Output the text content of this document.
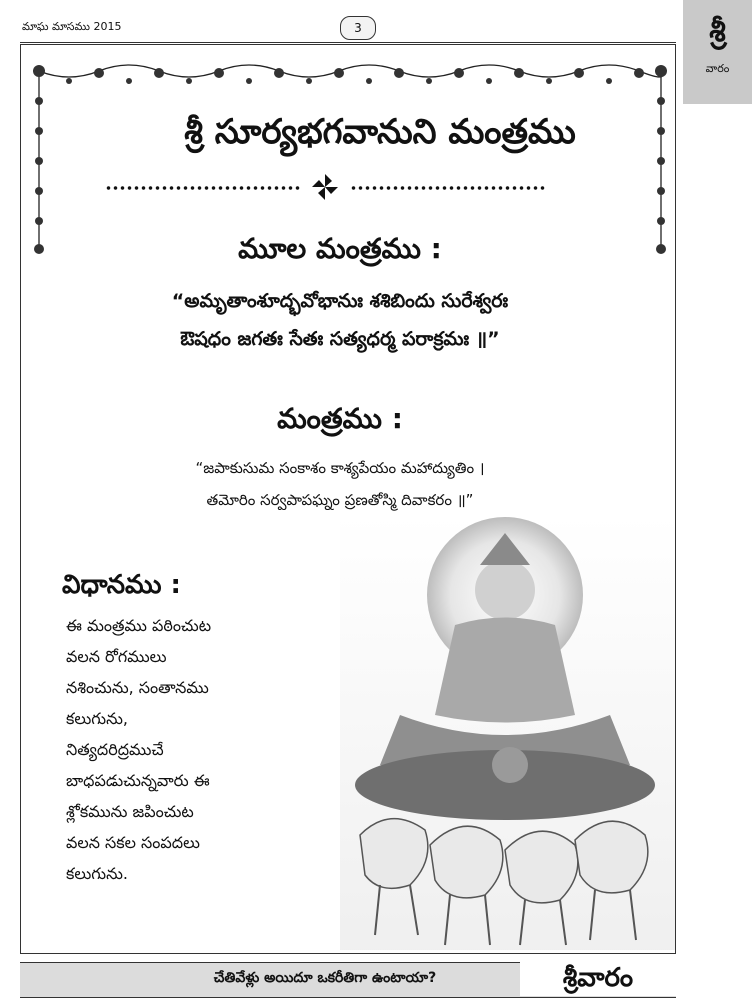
మాఘ మాసము 2015	3	శ్రీ
వారం
శ్రీ సూర్యభగవానుని మంత్రము
మూల మంత్రము :
“అమృతాంశూద్భవోభానుః శశిబిందు సురేశ్వరః
ఔషధం జగతః సేతః సత్యధర్మ పరాక్రమః ॥”
మంత్రము :
“జపాకుసుమ సంకాశం కాశ్యపేయం మహాద్యుతిం ।
తమోరిం సర్వపాపఘ్నం ప్రణతోస్మి దివాకరం ॥”
విధానము :
ఈ మంత్రము పఠించుట
వలన రోగములు
నశించును, సంతానము
కలుగును,
నిత్యదరిద్రముచే
బాధపడుచున్నవారు ఈ
శ్లోకమును జపించుట
వలన సకల సంపదలు
కలుగును.
చేతివేళ్లు అయిదూ ఒకరీతిగా ఉంటాయా?	శ్రీవారం
